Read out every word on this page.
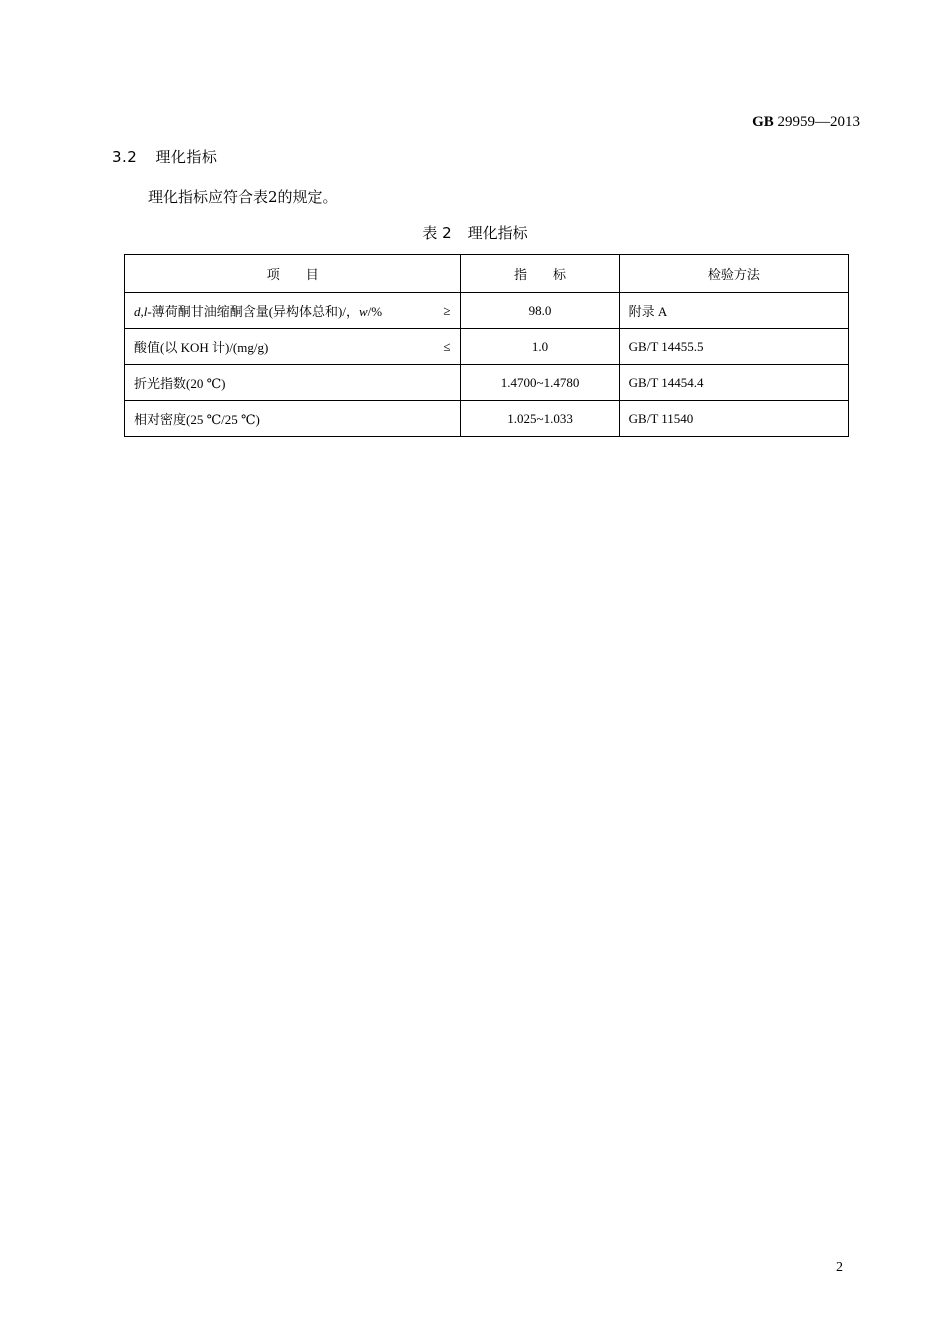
GB 29959—2013
3.2 理化指标
理化指标应符合表2的规定。
表 2 理化指标
项　　目	指　　标	检验方法
d,l-薄荷酮甘油缩酮含量(异构体总和)/，w/% ≥	98.0	附录 A
酸值(以 KOH 计)/(mg/g) ≤	1.0	GB/T 14455.5
折光指数(20 ℃)	1.4700~1.4780	GB/T 14454.4
相对密度(25 ℃/25 ℃)	1.025~1.033	GB/T 11540
2
